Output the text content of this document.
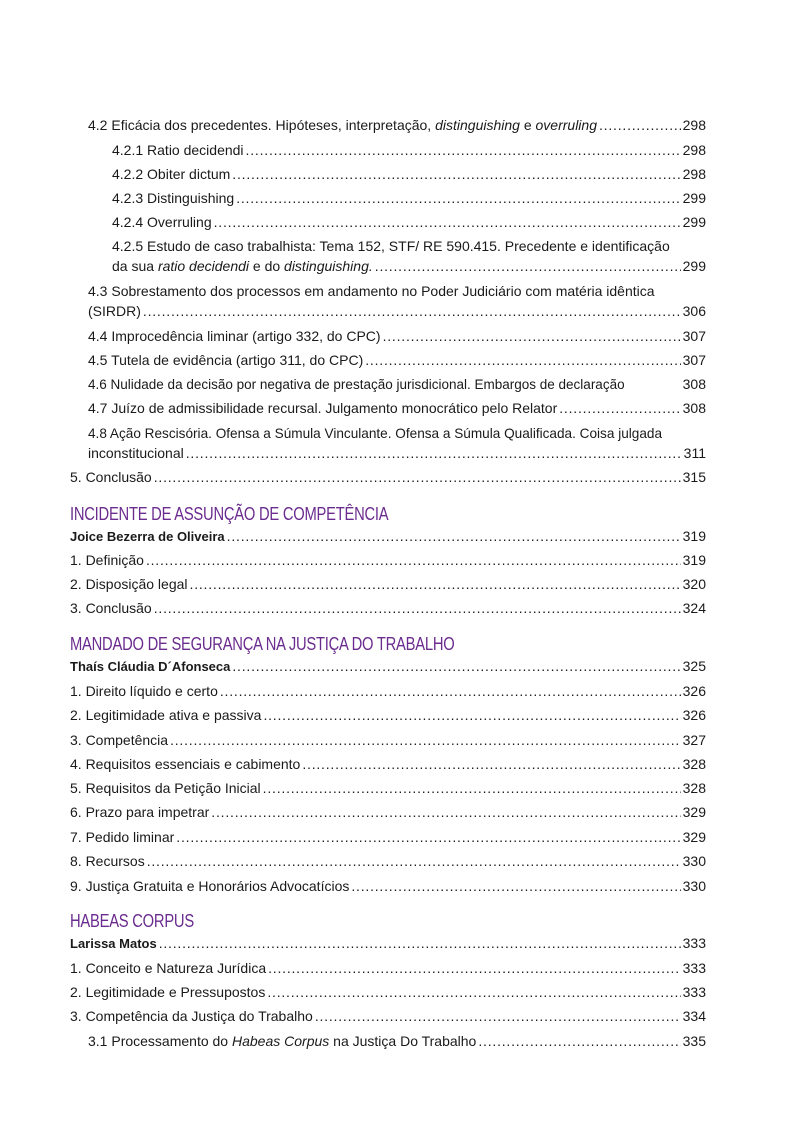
4.2 Eficácia dos precedentes. Hipóteses, interpretação, distinguishing e overruling . . .	298
4.2.1 Ratio decidendi . . .	298
4.2.2 Obiter dictum . . .	298
4.2.3 Distinguishing . . .	299
4.2.4 Overruling . . .	299
4.2.5 Estudo de caso trabalhista: Tema 152, STF/ RE 590.415. Precedente e identificação
da sua ratio decidendi e do distinguishing. . . .	299
4.3 Sobrestamento dos processos em andamento no Poder Judiciário com matéria idêntica
(SIRDR) . . .	306
4.4 Improcedência liminar (artigo 332, do CPC) . . .	307
4.5 Tutela de evidência (artigo 311, do CPC) . . .	307
4.6 Nulidade da decisão por negativa de prestação jurisdicional. Embargos de declaração	308
4.7 Juízo de admissibilidade recursal. Julgamento monocrático pelo Relator . . .	308
4.8 Ação Rescisória. Ofensa a Súmula Vinculante. Ofensa a Súmula Qualificada. Coisa julgada
inconstitucional . . .	311
5. Conclusão . . .	315
INCIDENTE DE ASSUNÇÃO DE COMPETÊNCIA
Joice Bezerra de Oliveira . . .	319
1. Definição . . .	319
2. Disposição legal . . .	320
3. Conclusão . . .	324
MANDADO DE SEGURANÇA NA JUSTIÇA DO TRABALHO
Thaís Cláudia D´Afonseca . . .	325
1. Direito líquido e certo . . .	326
2. Legitimidade ativa e passiva . . .	326
3. Competência . . .	327
4. Requisitos essenciais e cabimento . . .	328
5. Requisitos da Petição Inicial . . .	328
6. Prazo para impetrar . . .	329
7. Pedido liminar . . .	329
8. Recursos . . .	330
9. Justiça Gratuita e Honorários Advocatícios . . .	330
HABEAS CORPUS
Larissa Matos . . .	333
1. Conceito e Natureza Jurídica . . .	333
2. Legitimidade e Pressupostos . . .	333
3. Competência da Justiça do Trabalho . . .	334
3.1 Processamento do Habeas Corpus na Justiça Do Trabalho . . .	335
